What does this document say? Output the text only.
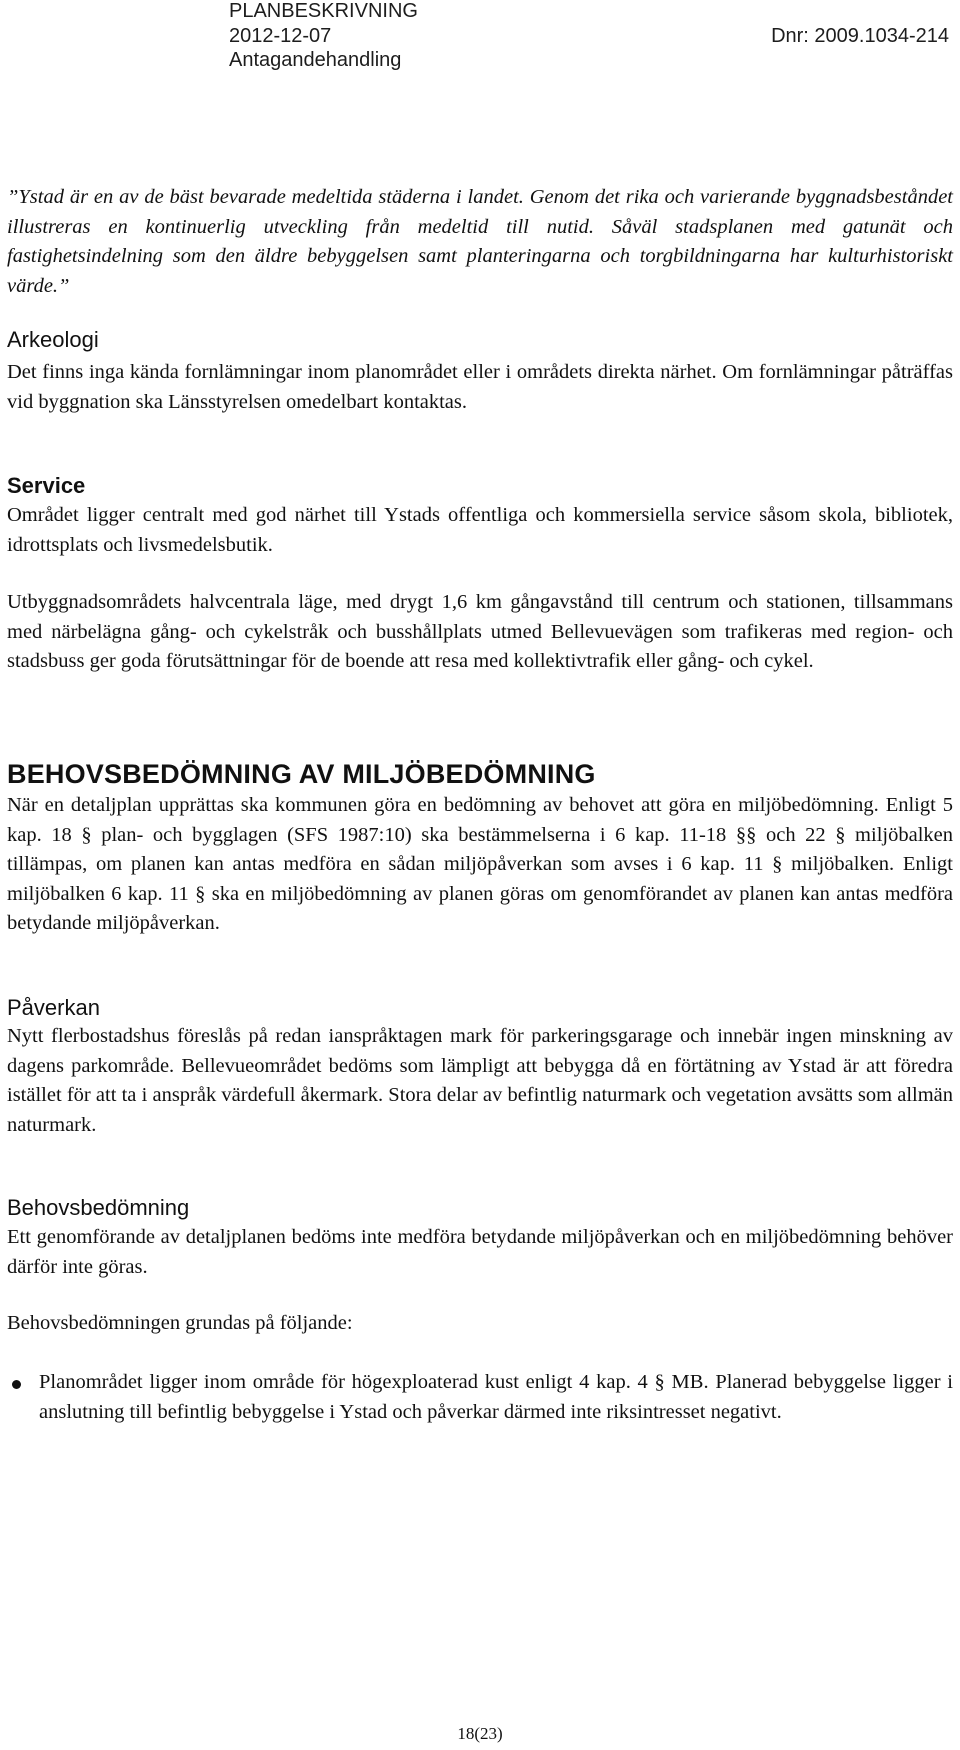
PLANBESKRIVNING
2012-12-07	Dnr: 2009.1034-214
Antagandehandling

”Ystad är en av de bäst bevarade medeltida städerna i landet. Genom det rika och varierande byggnadsbeståndet illustreras en kontinuerlig utveckling från medeltid till nutid. Såväl stadsplanen med gatunät och fastighetsindelning som den äldre bebyggelsen samt planteringarna och torgbildningarna har kulturhistoriskt värde.”

Arkeologi

Det finns inga kända fornlämningar inom planområdet eller i områdets direkta närhet. Om fornlämningar påträffas vid byggnation ska Länsstyrelsen omedelbart kontaktas.

Service

Området ligger centralt med god närhet till Ystads offentliga och kommersiella service såsom skola, bibliotek, idrottsplats och livsmedelsbutik.

Utbyggnadsområdets halvcentrala läge, med drygt 1,6 km gångavstånd till centrum och stationen, tillsammans med närbelägna gång- och cykelstråk och busshållplats utmed Bellevuevägen som trafikeras med region- och stadsbuss ger goda förutsättningar för de boende att resa med kollektivtrafik eller gång- och cykel.

BEHOVSBEDÖMNING AV MILJÖBEDÖMNING

När en detaljplan upprättas ska kommunen göra en bedömning av behovet att göra en miljöbedömning. Enligt 5 kap. 18 § plan- och bygglagen (SFS 1987:10) ska bestämmelserna i 6 kap. 11-18 §§ och 22 § miljöbalken tillämpas, om planen kan antas medföra en sådan miljöpåverkan som avses i 6 kap. 11 § miljöbalken. Enligt miljöbalken 6 kap. 11 § ska en miljöbedömning av planen göras om genomförandet av planen kan antas medföra betydande miljöpåverkan.

Påverkan

Nytt flerbostadshus föreslås på redan ianspråktagen mark för parkeringsgarage och innebär ingen minskning av dagens parkområde. Bellevueområdet bedöms som lämpligt att bebygga då en förtätning av Ystad är att föredra istället för att ta i anspråk värdefull åkermark. Stora delar av befintlig naturmark och vegetation avsätts som allmän naturmark.

Behovsbedömning

Ett genomförande av detaljplanen bedöms inte medföra betydande miljöpåverkan och en miljöbedömning behöver därför inte göras.

Behovsbedömningen grundas på följande:

Planområdet ligger inom område för högexploaterad kust enligt 4 kap. 4 § MB. Planerad bebyggelse ligger i anslutning till befintlig bebyggelse i Ystad och påverkar därmed inte riksintresset negativt.

18(23)
